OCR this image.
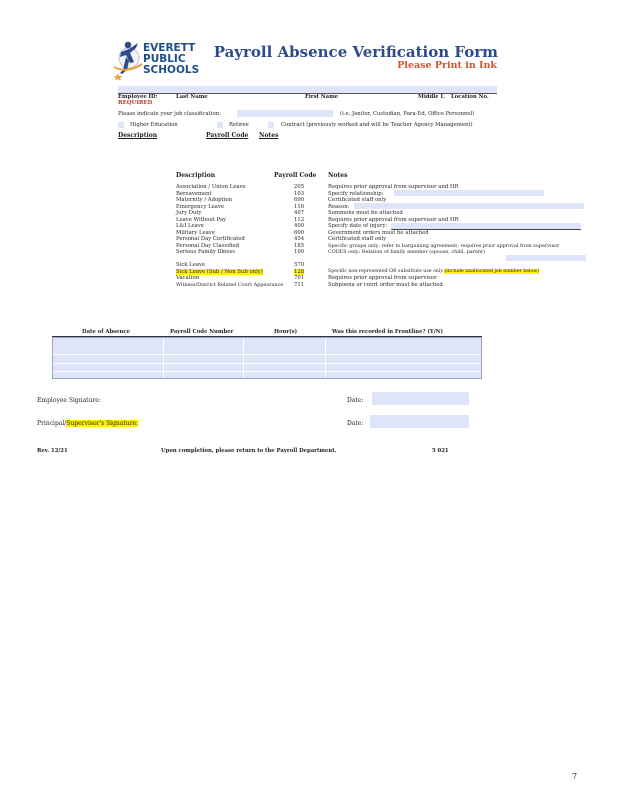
EVERETT
PUBLIC
SCHOOLS
Payroll Absence Verification Form
Please Print in Ink
Employee ID:
REQUIRED
Last Name	First Name	Middle I. Location No.
Please indicate your job classification:	(i.e. Janitor, Custodian, Para-Ed, Office Personnel)
Higher Education	Retiree	Contract (previously worked and will be Teacher Agency Management)
Description	Payroll Code Notes
Description	Payroll Code Notes
Association / Union Leave	205	Requires prior approval from supervisor and HR
Bereavement	103	Specify relationship:
Maternity / Adoption	690	Certificated staff only
Emergency Leave	116	Reason:
Jury Duty	407	Summons must be attached
Leave Without Pay	112	Requires prior approval from supervisor and HR
L&I Leave	400	Specify date of injury:
Military Leave	600	Government orders must be attached
Personal Day Certificated	454	Certificated staff only
Personal Day Classified	185	Specific groups only; refer to bargaining agreement; requires prior approval from supervisor
Serious Family Illness	100	CODES only: Relation of family member (spouse, child, parent)
Sick Leave	570
Sick Leave (Sub / Non Sub only)	128	Specific non-represented OR substitute use only (include unallocated job number below)
Vacation	701	Requires prior approval from supervisor
Witness/District Related Court Appearance 711	Subpoena or court order must be attached
Date of Absence	Payroll Code Number	Hour(s)	Was this recorded in Frontline? (Y/N)
Employee Signature:	Date:
Principal/Supervisor's Signature:	Date:
Rev. 12/21	Upon completion, please return to the Payroll Department.	5 021
7
